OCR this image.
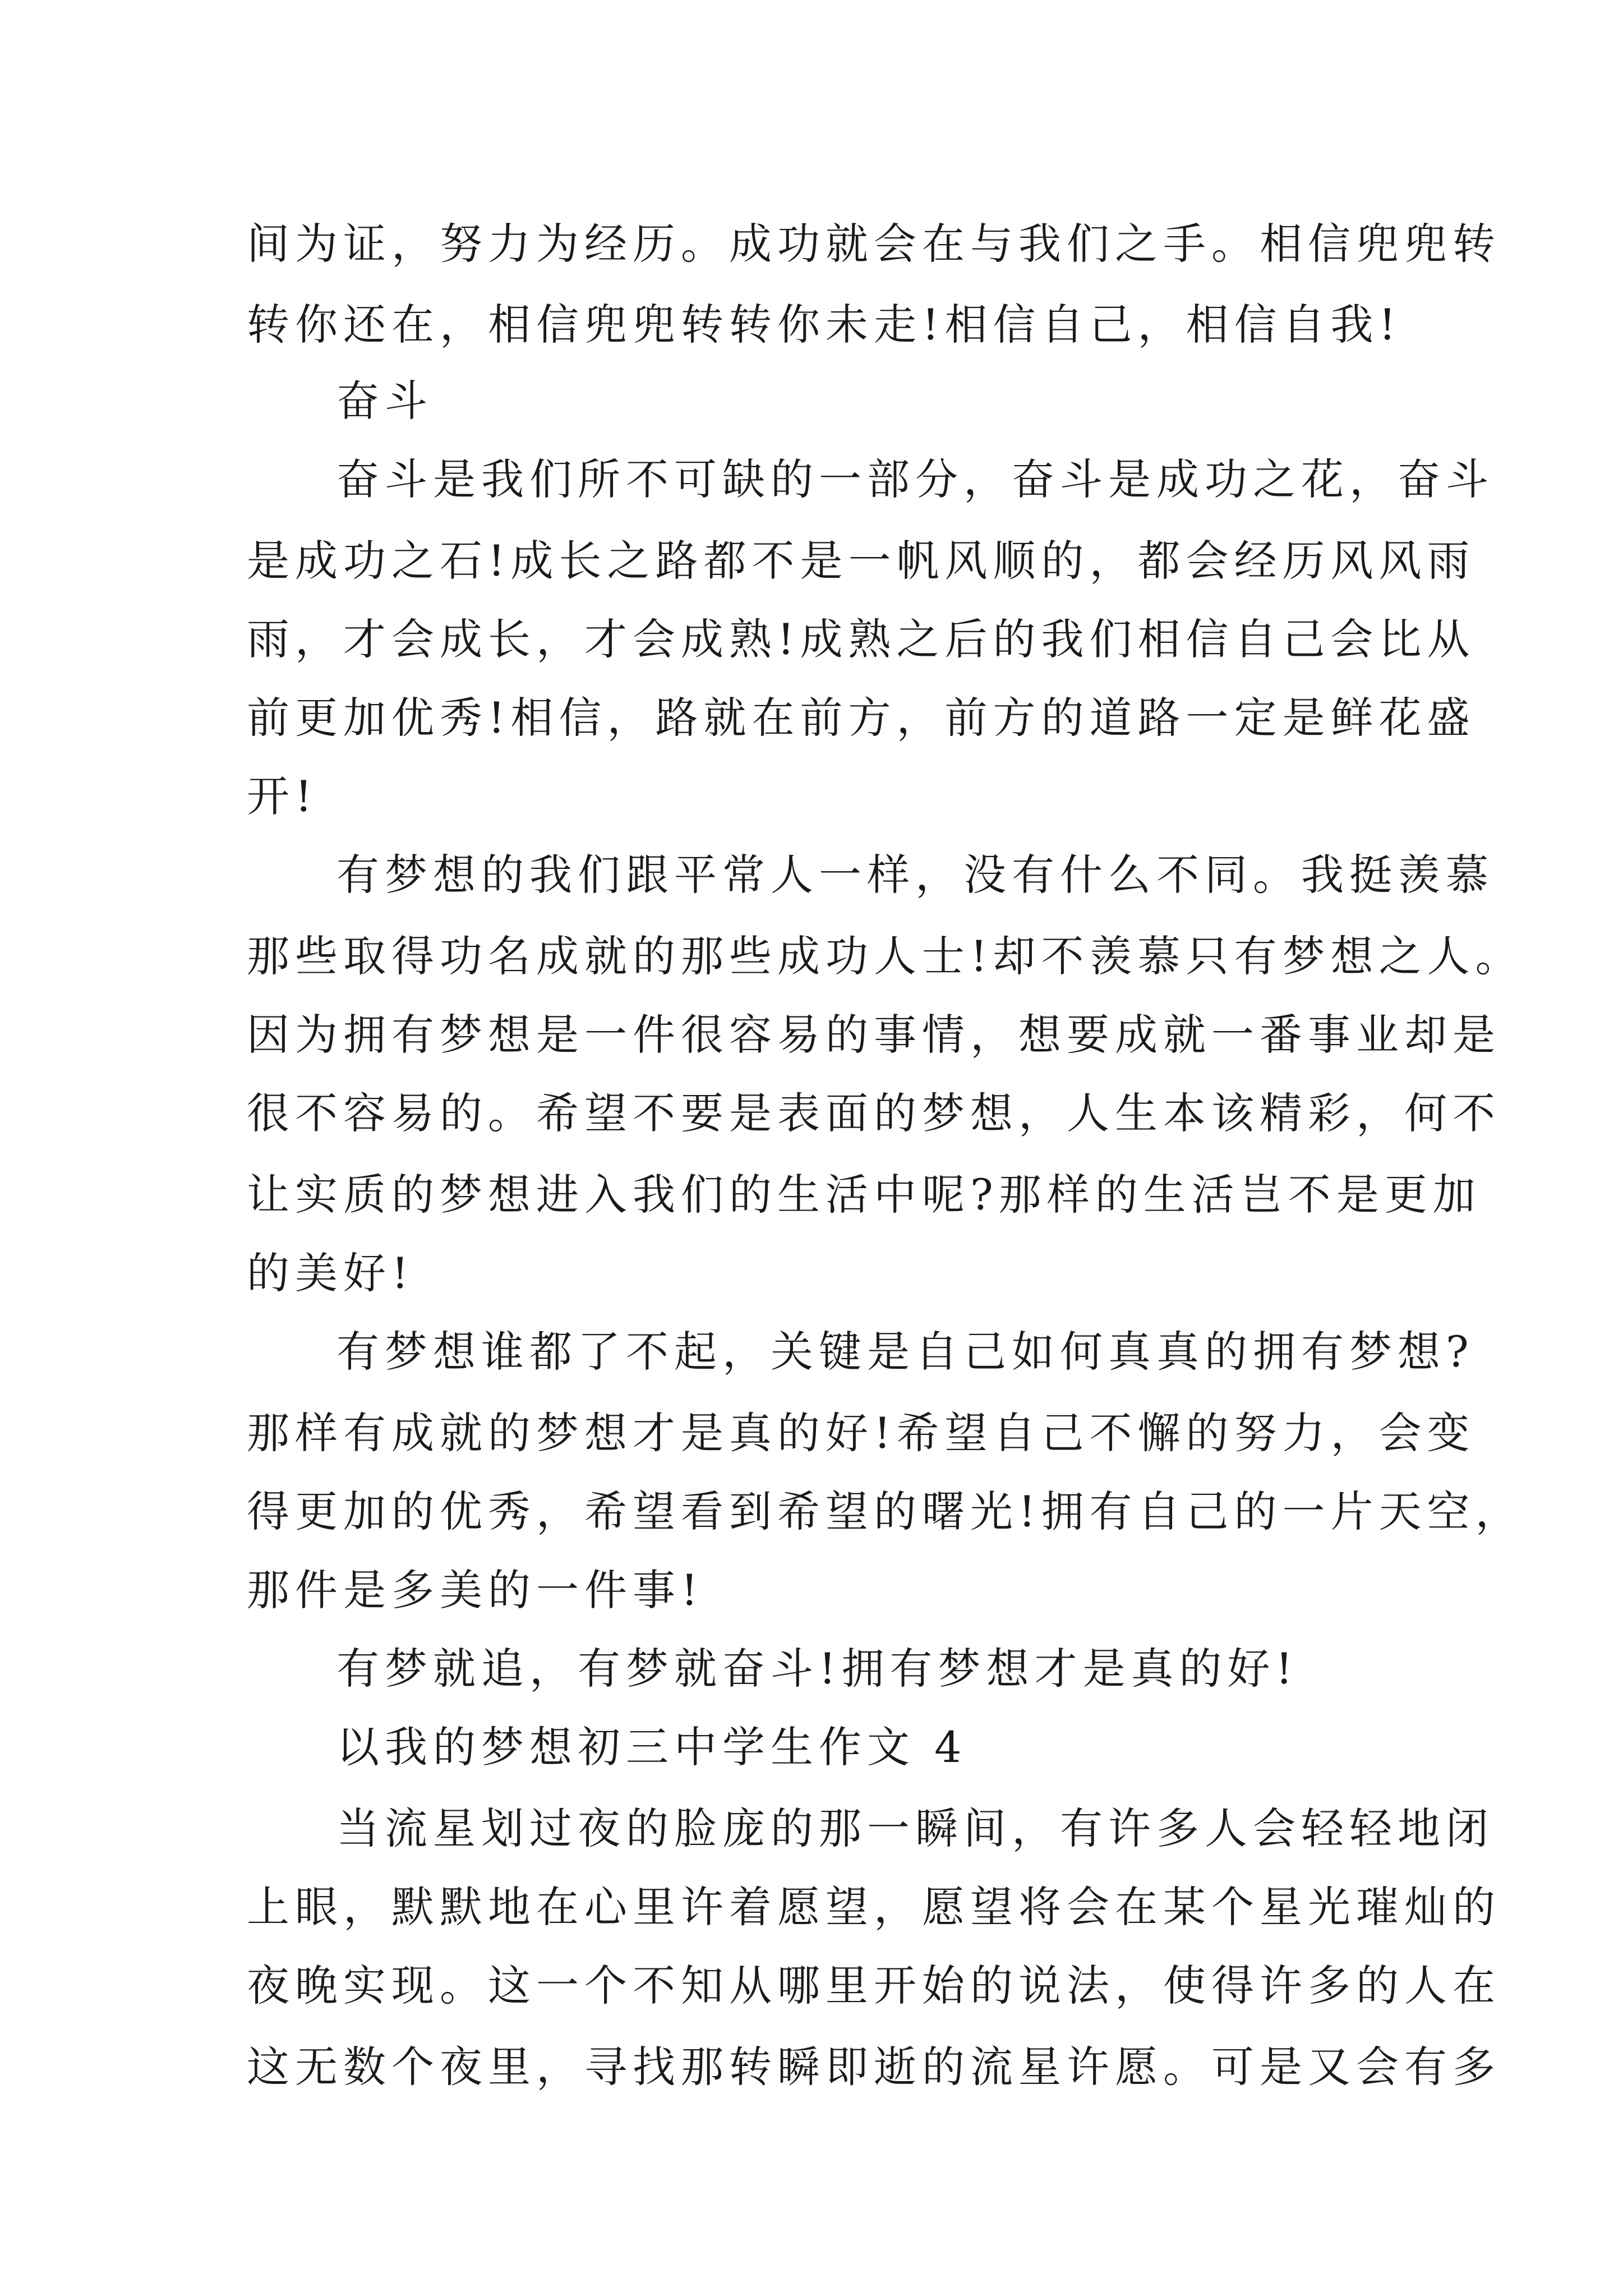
间为证，努力为经历。成功就会在与我们之手。相信兜兜转
转你还在，相信兜兜转转你未走!相信自己，相信自我!
奋斗
奋斗是我们所不可缺的一部分，奋斗是成功之花，奋斗
是成功之石!成长之路都不是一帆风顺的，都会经历风风雨
雨，才会成长，才会成熟!成熟之后的我们相信自己会比从
前更加优秀!相信，路就在前方，前方的道路一定是鲜花盛
开!
有梦想的我们跟平常人一样，没有什么不同。我挺羡慕
那些取得功名成就的那些成功人士!却不羡慕只有梦想之人。
因为拥有梦想是一件很容易的事情，想要成就一番事业却是
很不容易的。希望不要是表面的梦想，人生本该精彩，何不
让实质的梦想进入我们的生活中呢?那样的生活岂不是更加
的美好!
有梦想谁都了不起，关键是自己如何真真的拥有梦想?
那样有成就的梦想才是真的好!希望自己不懈的努力，会变
得更加的优秀，希望看到希望的曙光!拥有自己的一片天空，
那件是多美的一件事!
有梦就追，有梦就奋斗!拥有梦想才是真的好!
以我的梦想初三中学生作文 4
当流星划过夜的脸庞的那一瞬间，有许多人会轻轻地闭
上眼，默默地在心里许着愿望，愿望将会在某个星光璀灿的
夜晚实现。这一个不知从哪里开始的说法，使得许多的人在
这无数个夜里，寻找那转瞬即逝的流星许愿。可是又会有多
